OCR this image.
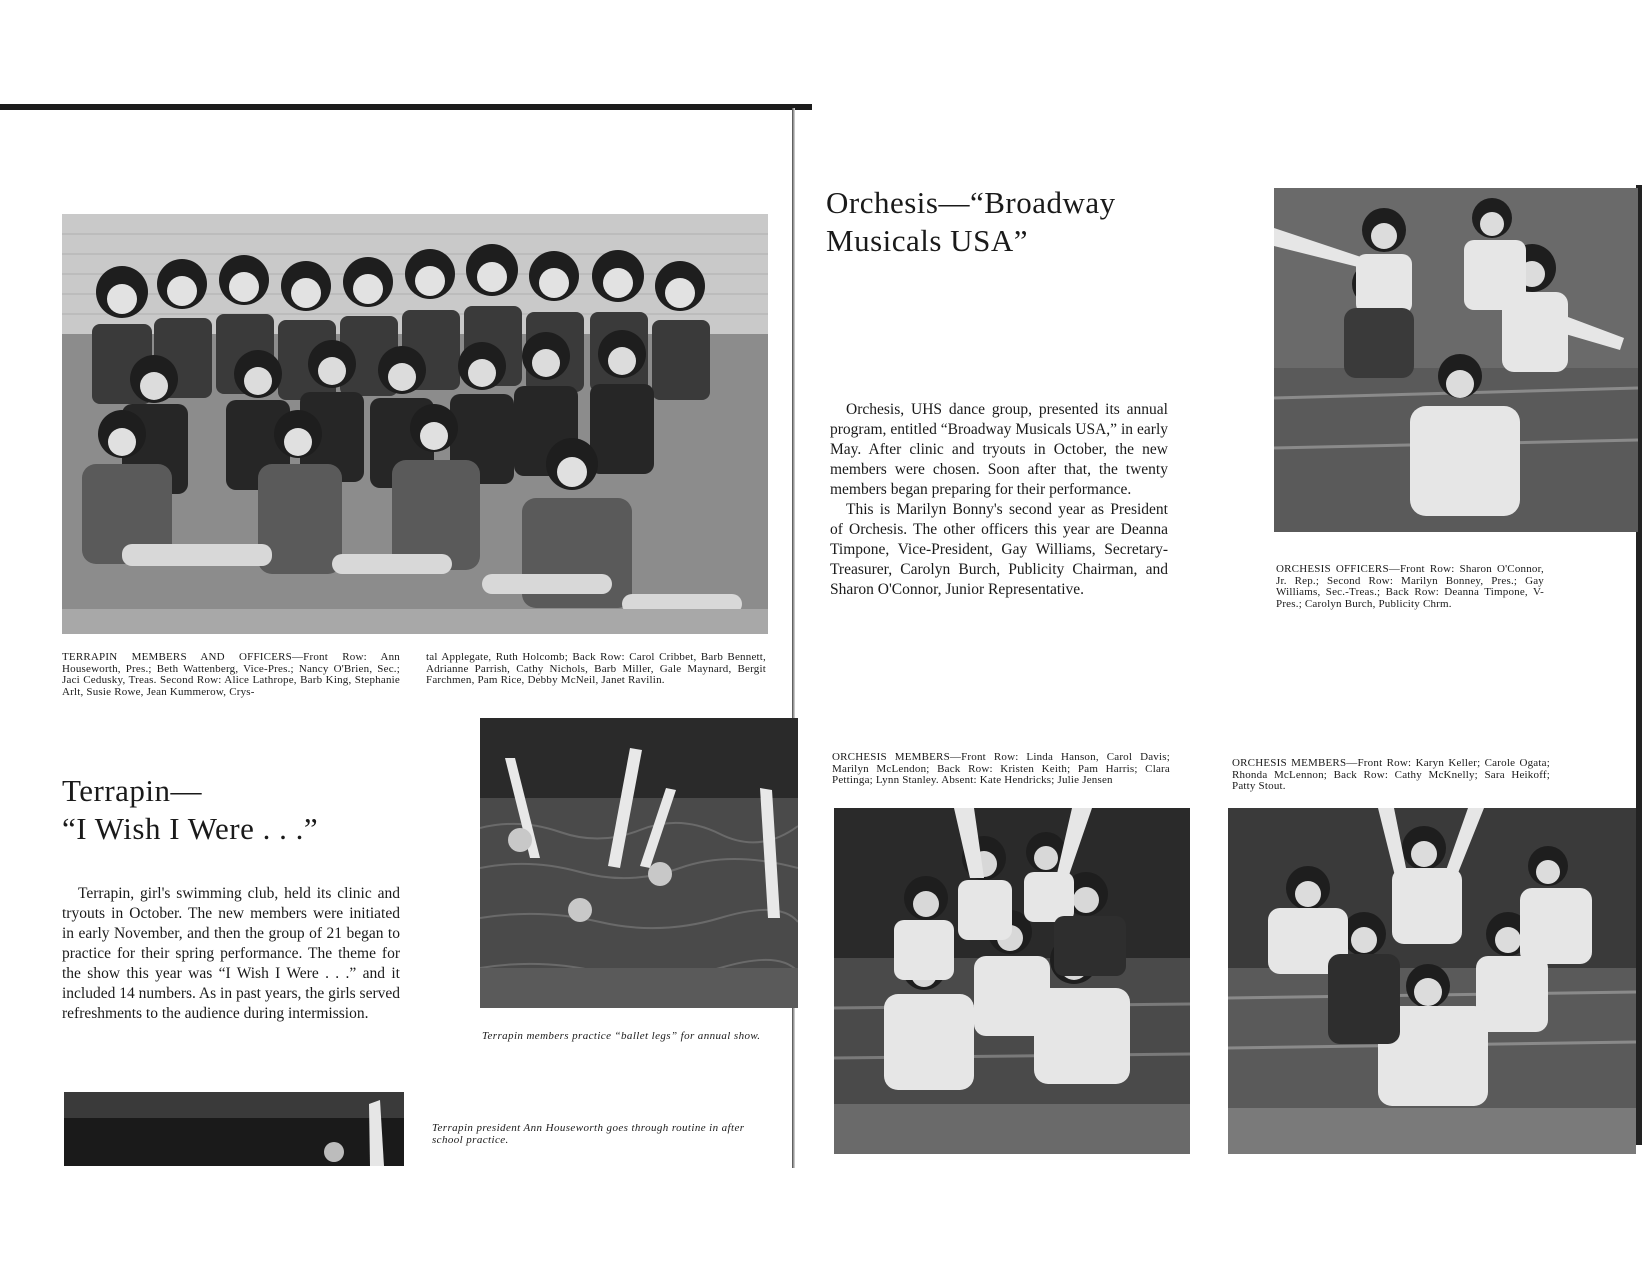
TERRAPIN MEMBERS AND OFFICERS—Front Row: Ann Houseworth, Pres.; Beth Wattenberg, Vice-Pres.; Nancy O'Brien, Sec.; Jaci Cedusky, Treas. Second Row: Alice Lathrope, Barb King, Stephanie Arlt, Susie Rowe, Jean Kummerow, Crys-
tal Applegate, Ruth Holcomb; Back Row: Carol Cribbet, Barb Bennett, Adrianne Parrish, Cathy Nichols, Barb Miller, Gale Maynard, Bergit Farchmen, Pam Rice, Debby McNeil, Janet Ravilin.
Terrapin—
“I Wish I Were . . .”

Terrapin, girl's swimming club, held its clinic and tryouts in October. The new members were initiated in early November, and then the group of 21 began to practice for their spring performance. The theme for the show this year was “I Wish I Were . . .” and it included 14 numbers. As in past years, the girls served refreshments to the audience during intermission.

Terrapin members practice “ballet legs” for annual show.
Terrapin president Ann Houseworth goes through routine in after school practice.
Orchesis—“Broadway
Musicals USA”

Orchesis, UHS dance group, presented its annual program, entitled “Broadway Musicals USA,” in early May. After clinic and tryouts in October, the new members were chosen. Soon after that, the twenty members began preparing for their performance.

This is Marilyn Bonny's second year as President of Orchesis. The other officers this year are Deanna Timpone, Vice-President, Gay Williams, Secretary-Treasurer, Carolyn Burch, Publicity Chairman, and Sharon O'Connor, Junior Representative.

ORCHESIS OFFICERS—Front Row: Sharon O'Connor, Jr. Rep.; Second Row: Marilyn Bonney, Pres.; Gay Williams, Sec.-Treas.; Back Row: Deanna Timpone, V-Pres.; Carolyn Burch, Publicity Chrm.
ORCHESIS MEMBERS—Front Row: Linda Hanson, Carol Davis; Marilyn McLendon; Back Row: Kristen Keith; Pam Harris; Clara Pettinga; Lynn Stanley. Absent: Kate Hendricks; Julie Jensen
ORCHESIS MEMBERS—Front Row: Karyn Keller; Carole Ogata; Rhonda McLennon; Back Row: Cathy McKnelly; Sara Heikoff; Patty Stout.
